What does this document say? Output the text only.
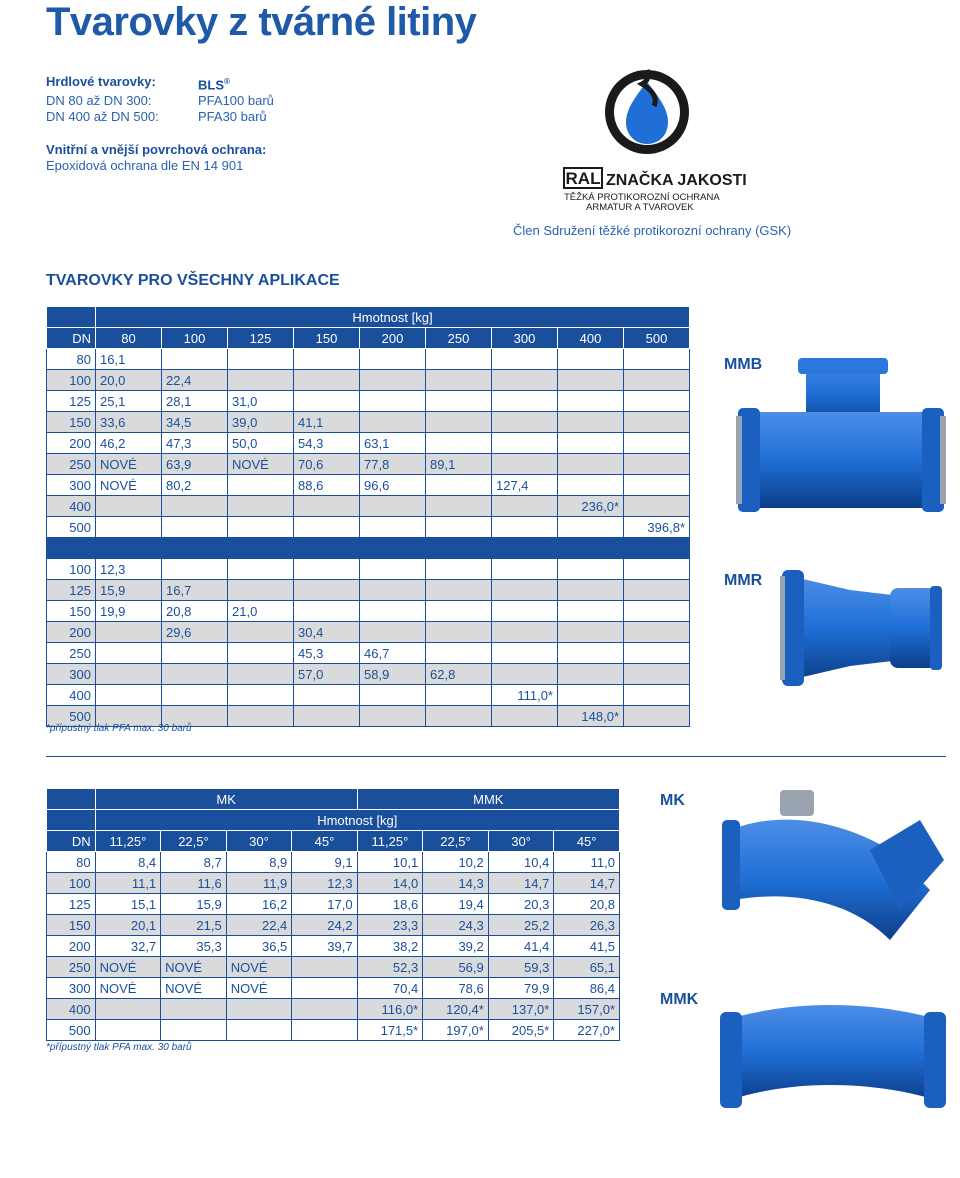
Tvarovky z tvárné litiny
Hrdlové tvarovky:	BLS®
DN 80 až DN 300:	PFA100 barů
DN 400 až DN 500:	PFA30 barů
Vnitřní a vnější povrchová ochrana:
Epoxidová ochrana dle EN 14 901
RAL ZNAČKA JAKOSTI
TĚŽKÁ PROTIKOROZNÍ OCHRANA
ARMATUR A TVAROVEK
Člen Sdružení těžké protikorozní ochrany (GSK)
TVAROVKY PRO VŠECHNY APLIKACE
	Hmotnost [kg]								
DN	80	100	125	150	200	250	300	400	500
80	16,1								
100	20,0	22,4							
125	25,1	28,1	31,0						
150	33,6	34,5	39,0	41,1					
200	46,2	47,3	50,0	54,3	63,1				
250	NOVÉ	63,9	NOVÉ	70,6	77,8	89,1			
300	NOVÉ	80,2		88,6	96,6		127,4		
400								236,0*	
500									396,8*

100	12,3								
125	15,9	16,7							
150	19,9	20,8	21,0						
200		29,6		30,4					
250				45,3	46,7				
300				57,0	58,9	62,8			
400							111,0*		
500								148,0*	
*přípustný tlak PFA max. 30 barů
MMB
MMR
	MK				MMK			
	Hmotnost [kg]							
DN	11,25°	22,5°	30°	45°	11,25°	22,5°	30°	45°
80	8,4	8,7	8,9	9,1	10,1	10,2	10,4	11,0
100	11,1	11,6	11,9	12,3	14,0	14,3	14,7	14,7
125	15,1	15,9	16,2	17,0	18,6	19,4	20,3	20,8
150	20,1	21,5	22,4	24,2	23,3	24,3	25,2	26,3
200	32,7	35,3	36,5	39,7	38,2	39,2	41,4	41,5
250	NOVÉ	NOVÉ	NOVÉ		52,3	56,9	59,3	65,1
300	NOVÉ	NOVÉ	NOVÉ		70,4	78,6	79,9	86,4
400					116,0*	120,4*	137,0*	157,0*
500					171,5*	197,0*	205,5*	227,0*
*přípustný tlak PFA max. 30 barů
MK
MMK
